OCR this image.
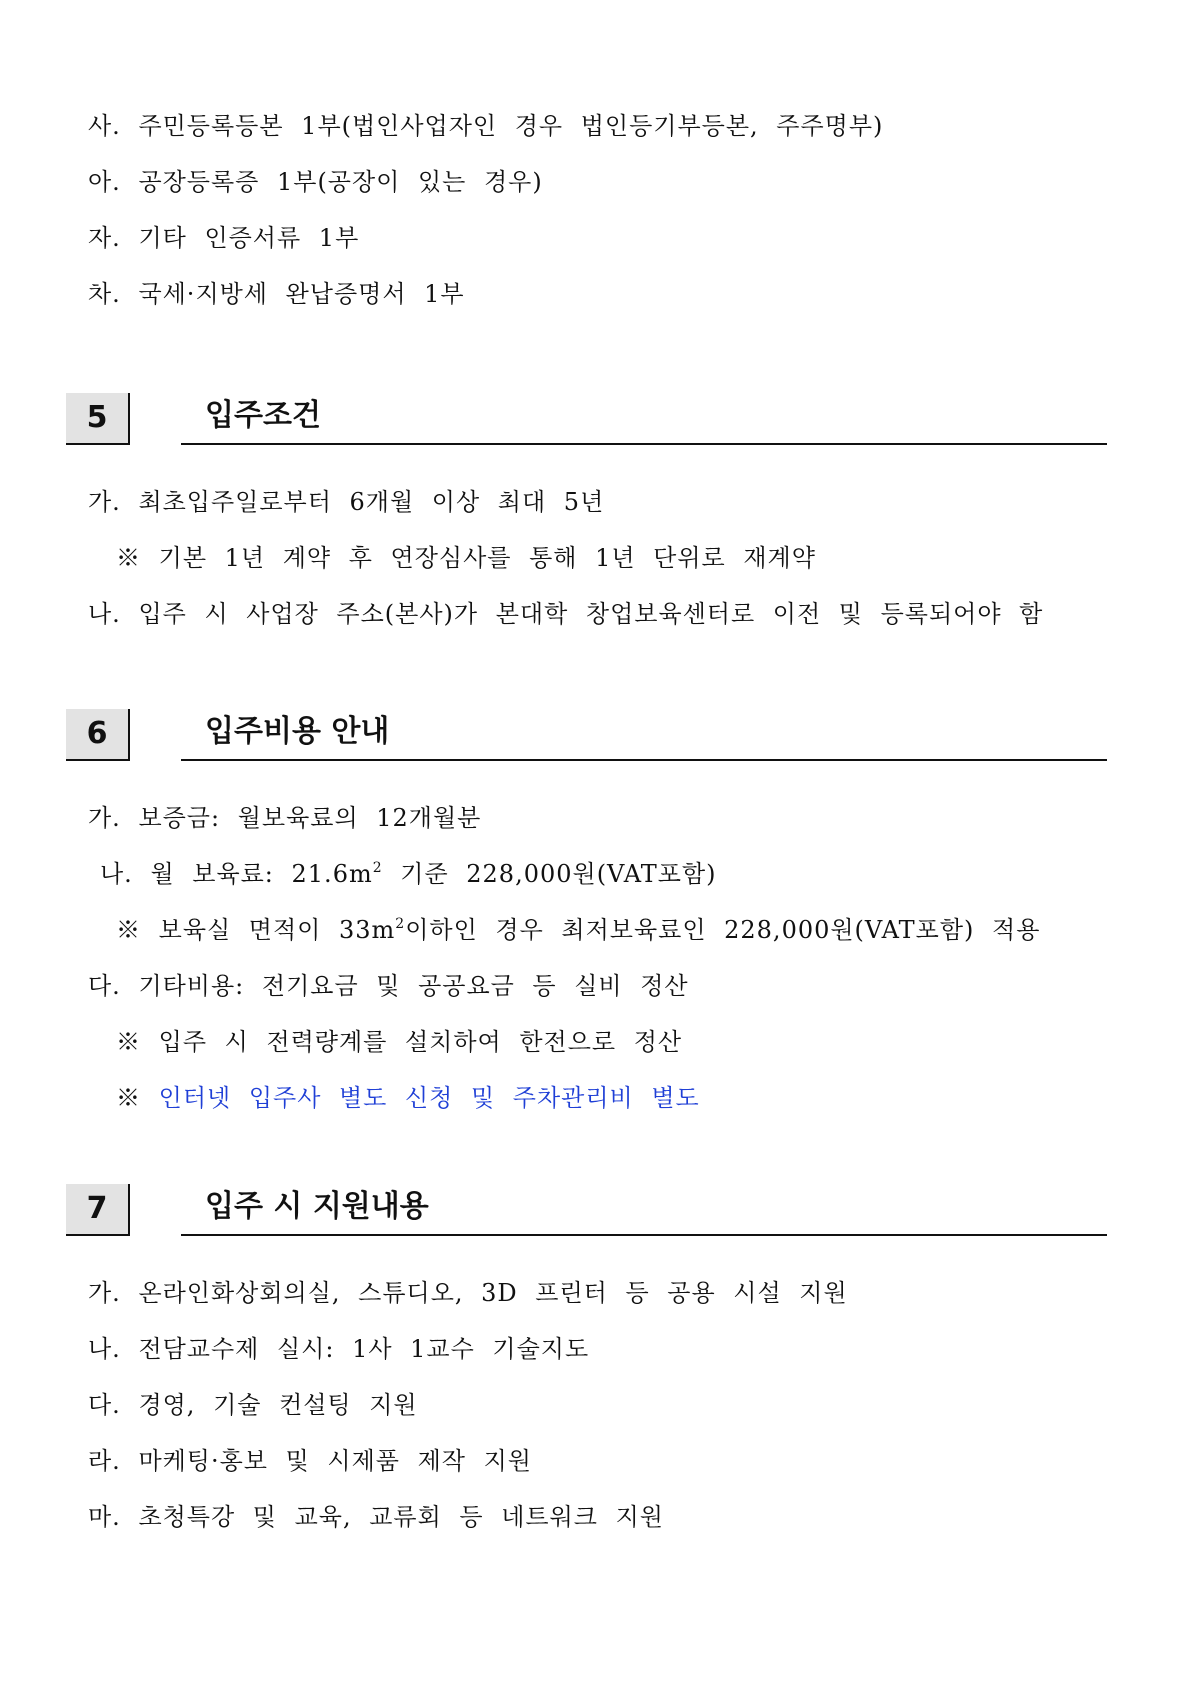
사. 주민등록등본 1부(법인사업자인 경우 법인등기부등본, 주주명부)
아. 공장등록증 1부(공장이 있는 경우)
자. 기타 인증서류 1부
차. 국세·지방세 완납증명서 1부
5	입주조건
가. 최초입주일로부터 6개월 이상 최대 5년
※ 기본 1년 계약 후 연장심사를 통해 1년 단위로 재계약
나. 입주 시 사업장 주소(본사)가 본대학 창업보육센터로 이전 및 등록되어야 함
6	입주비용 안내
가. 보증금: 월보육료의 12개월분
나. 월 보육료: $21.6m^2$ 기준 228,000원(VAT포함)
※ 보육실 면적이 $33m^2$이하인 경우 최저보육료인 228,000원(VAT포함) 적용
다. 기타비용: 전기요금 및 공공요금 등 실비 정산
※ 입주 시 전력량계를 설치하여 한전으로 정산
※ 인터넷 입주사 별도 신청 및 주차관리비 별도
7	입주 시 지원내용
가. 온라인화상회의실, 스튜디오, 3D 프린터 등 공용 시설 지원
나. 전담교수제 실시: 1사 1교수 기술지도
다. 경영, 기술 컨설팅 지원
라. 마케팅·홍보 및 시제품 제작 지원
마. 초청특강 및 교육, 교류회 등 네트워크 지원
